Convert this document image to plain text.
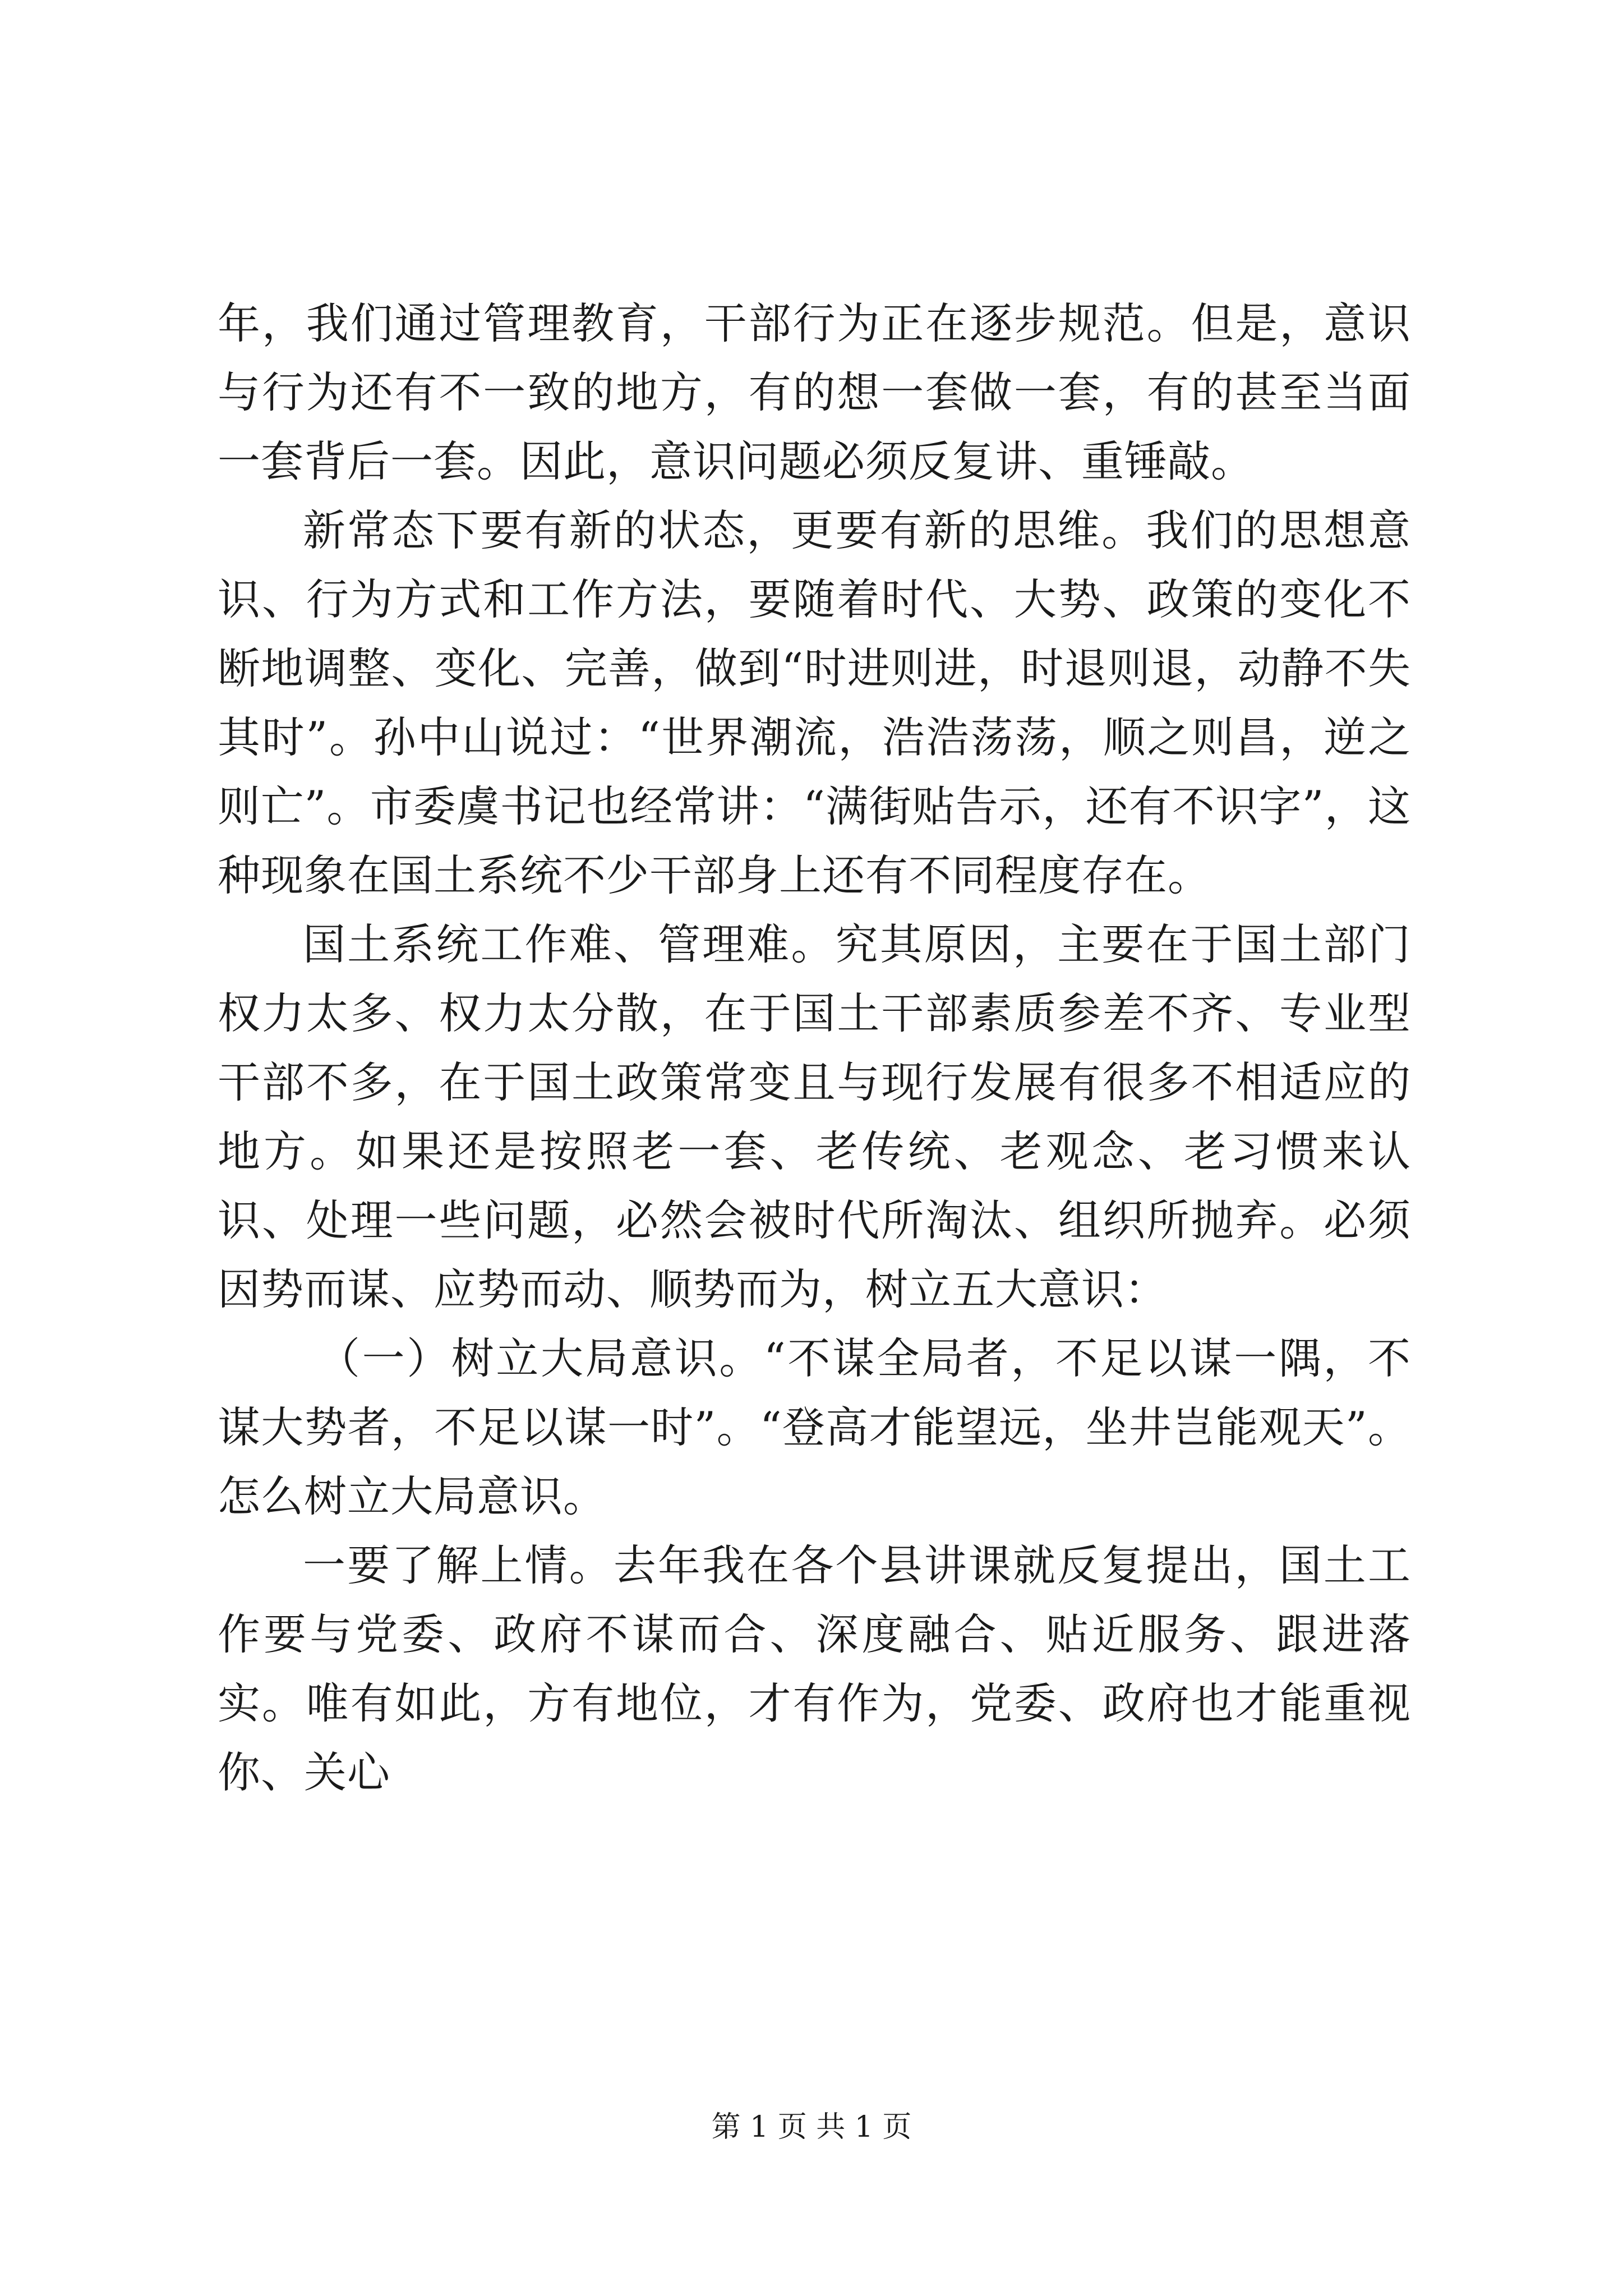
年，我们通过管理教育，干部行为正在逐步规范。但是，意识与行为还有不一致的地方，有的想一套做一套，有的甚至当面一套背后一套。因此，意识问题必须反复讲、重锤敲。

新常态下要有新的状态，更要有新的思维。我们的思想意识、行为方式和工作方法，要随着时代、大势、政策的变化不断地调整、变化、完善，做到“时进则进，时退则退，动静不失其时”。孙中山说过：“世界潮流，浩浩荡荡，顺之则昌，逆之则亡”。市委虞书记也经常讲：“满街贴告示，还有不识字”，这种现象在国土系统不少干部身上还有不同程度存在。

国土系统工作难、管理难。究其原因，主要在于国土部门权力太多、权力太分散，在于国土干部素质参差不齐、专业型干部不多，在于国土政策常变且与现行发展有很多不相适应的地方。如果还是按照老一套、老传统、老观念、老习惯来认识、处理一些问题，必然会被时代所淘汰、组织所抛弃。必须因势而谋、应势而动、顺势而为，树立五大意识：

（一）树立大局意识。“不谋全局者，不足以谋一隅，不谋大势者，不足以谋一时”。“登高才能望远，坐井岂能观天”。怎么树立大局意识。

一要了解上情。去年我在各个县讲课就反复提出，国土工作要与党委、政府不谋而合、深度融合、贴近服务、跟进落实。唯有如此，方有地位，才有作为，党委、政府也才能重视你、关心

第 1 页 共 1 页
